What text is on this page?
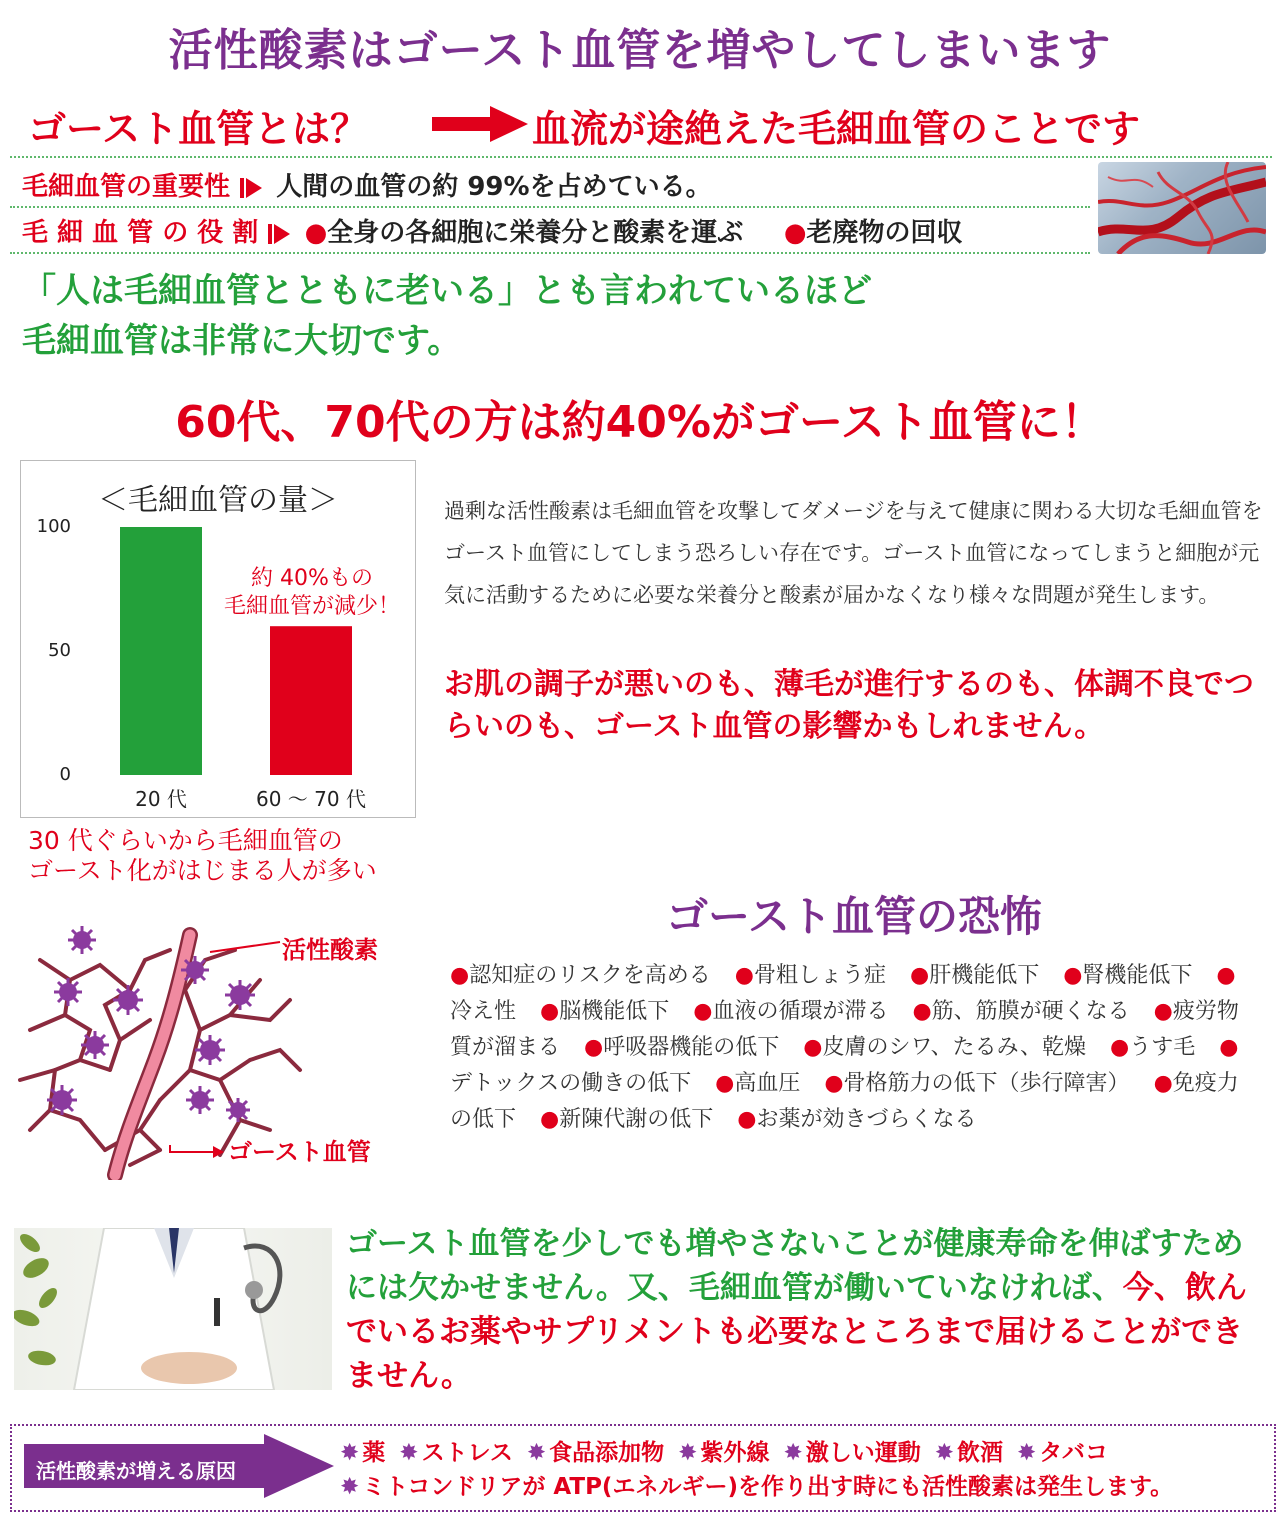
活性酸素はゴースト血管を増やしてしまいます
ゴースト血管とは？	血流が途絶えた毛細血管のことです
毛細血管の重要性 人間の血管の約 99%を占めている。
毛 細 血 管 の 役 割 ●全身の各細胞に栄養分と酸素を運ぶ ●老廃物の回収
「人は毛細血管とともに老いる」とも言われているほど
毛細血管は非常に大切です。
60代、70代の方は約40%がゴースト血管に！
＜毛細血管の量＞
約 40%もの
毛細血管が減少！
20 代	60 ～ 70 代
0
50
100
30 代ぐらいから毛細血管の
ゴースト化がはじまる人が多い
過剰な活性酸素は毛細血管を攻撃してダメージを与えて健康に関わる大切な毛細血管をゴースト血管にしてしまう恐ろしい存在です。ゴースト血管になってしまうと細胞が元気に活動するために必要な栄養分と酸素が届かなくなり様々な問題が発生します。
お肌の調子が悪いのも、薄毛が進行するのも、体調不良でつらいのも、ゴースト血管の影響かもしれません。
活性酸素
ゴースト血管
ゴースト血管の恐怖
●認知症のリスクを高める ●骨粗しょう症 ●肝機能低下 ●腎機能低下 ●冷え性 ●脳機能低下 ●血液の循環が滞る ●筋、筋膜が硬くなる ●疲労物質が溜まる ●呼吸器機能の低下 ●皮膚のシワ、たるみ、乾燥 ●うす毛 ●デトックスの働きの低下 ●高血圧 ●骨格筋力の低下（歩行障害） ●免疫力の低下 ●新陳代謝の低下 ●お薬が効きづらくなる
ゴースト血管を少しでも増やさないことが健康寿命を伸ばすためには欠かせません。又、毛細血管が働いていなければ、今、飲んでいるお薬やサプリメントも必要なところまで届けることができません。
活性酸素が増える原因
✸ 薬 ✸ ストレス ✸ 食品添加物 ✸ 紫外線 ✸ 激しい運動 ✸ 飲酒 ✸ タバコ
✸ ミトコンドリアが ATP(エネルギー)を作り出す時にも活性酸素は発生します。
